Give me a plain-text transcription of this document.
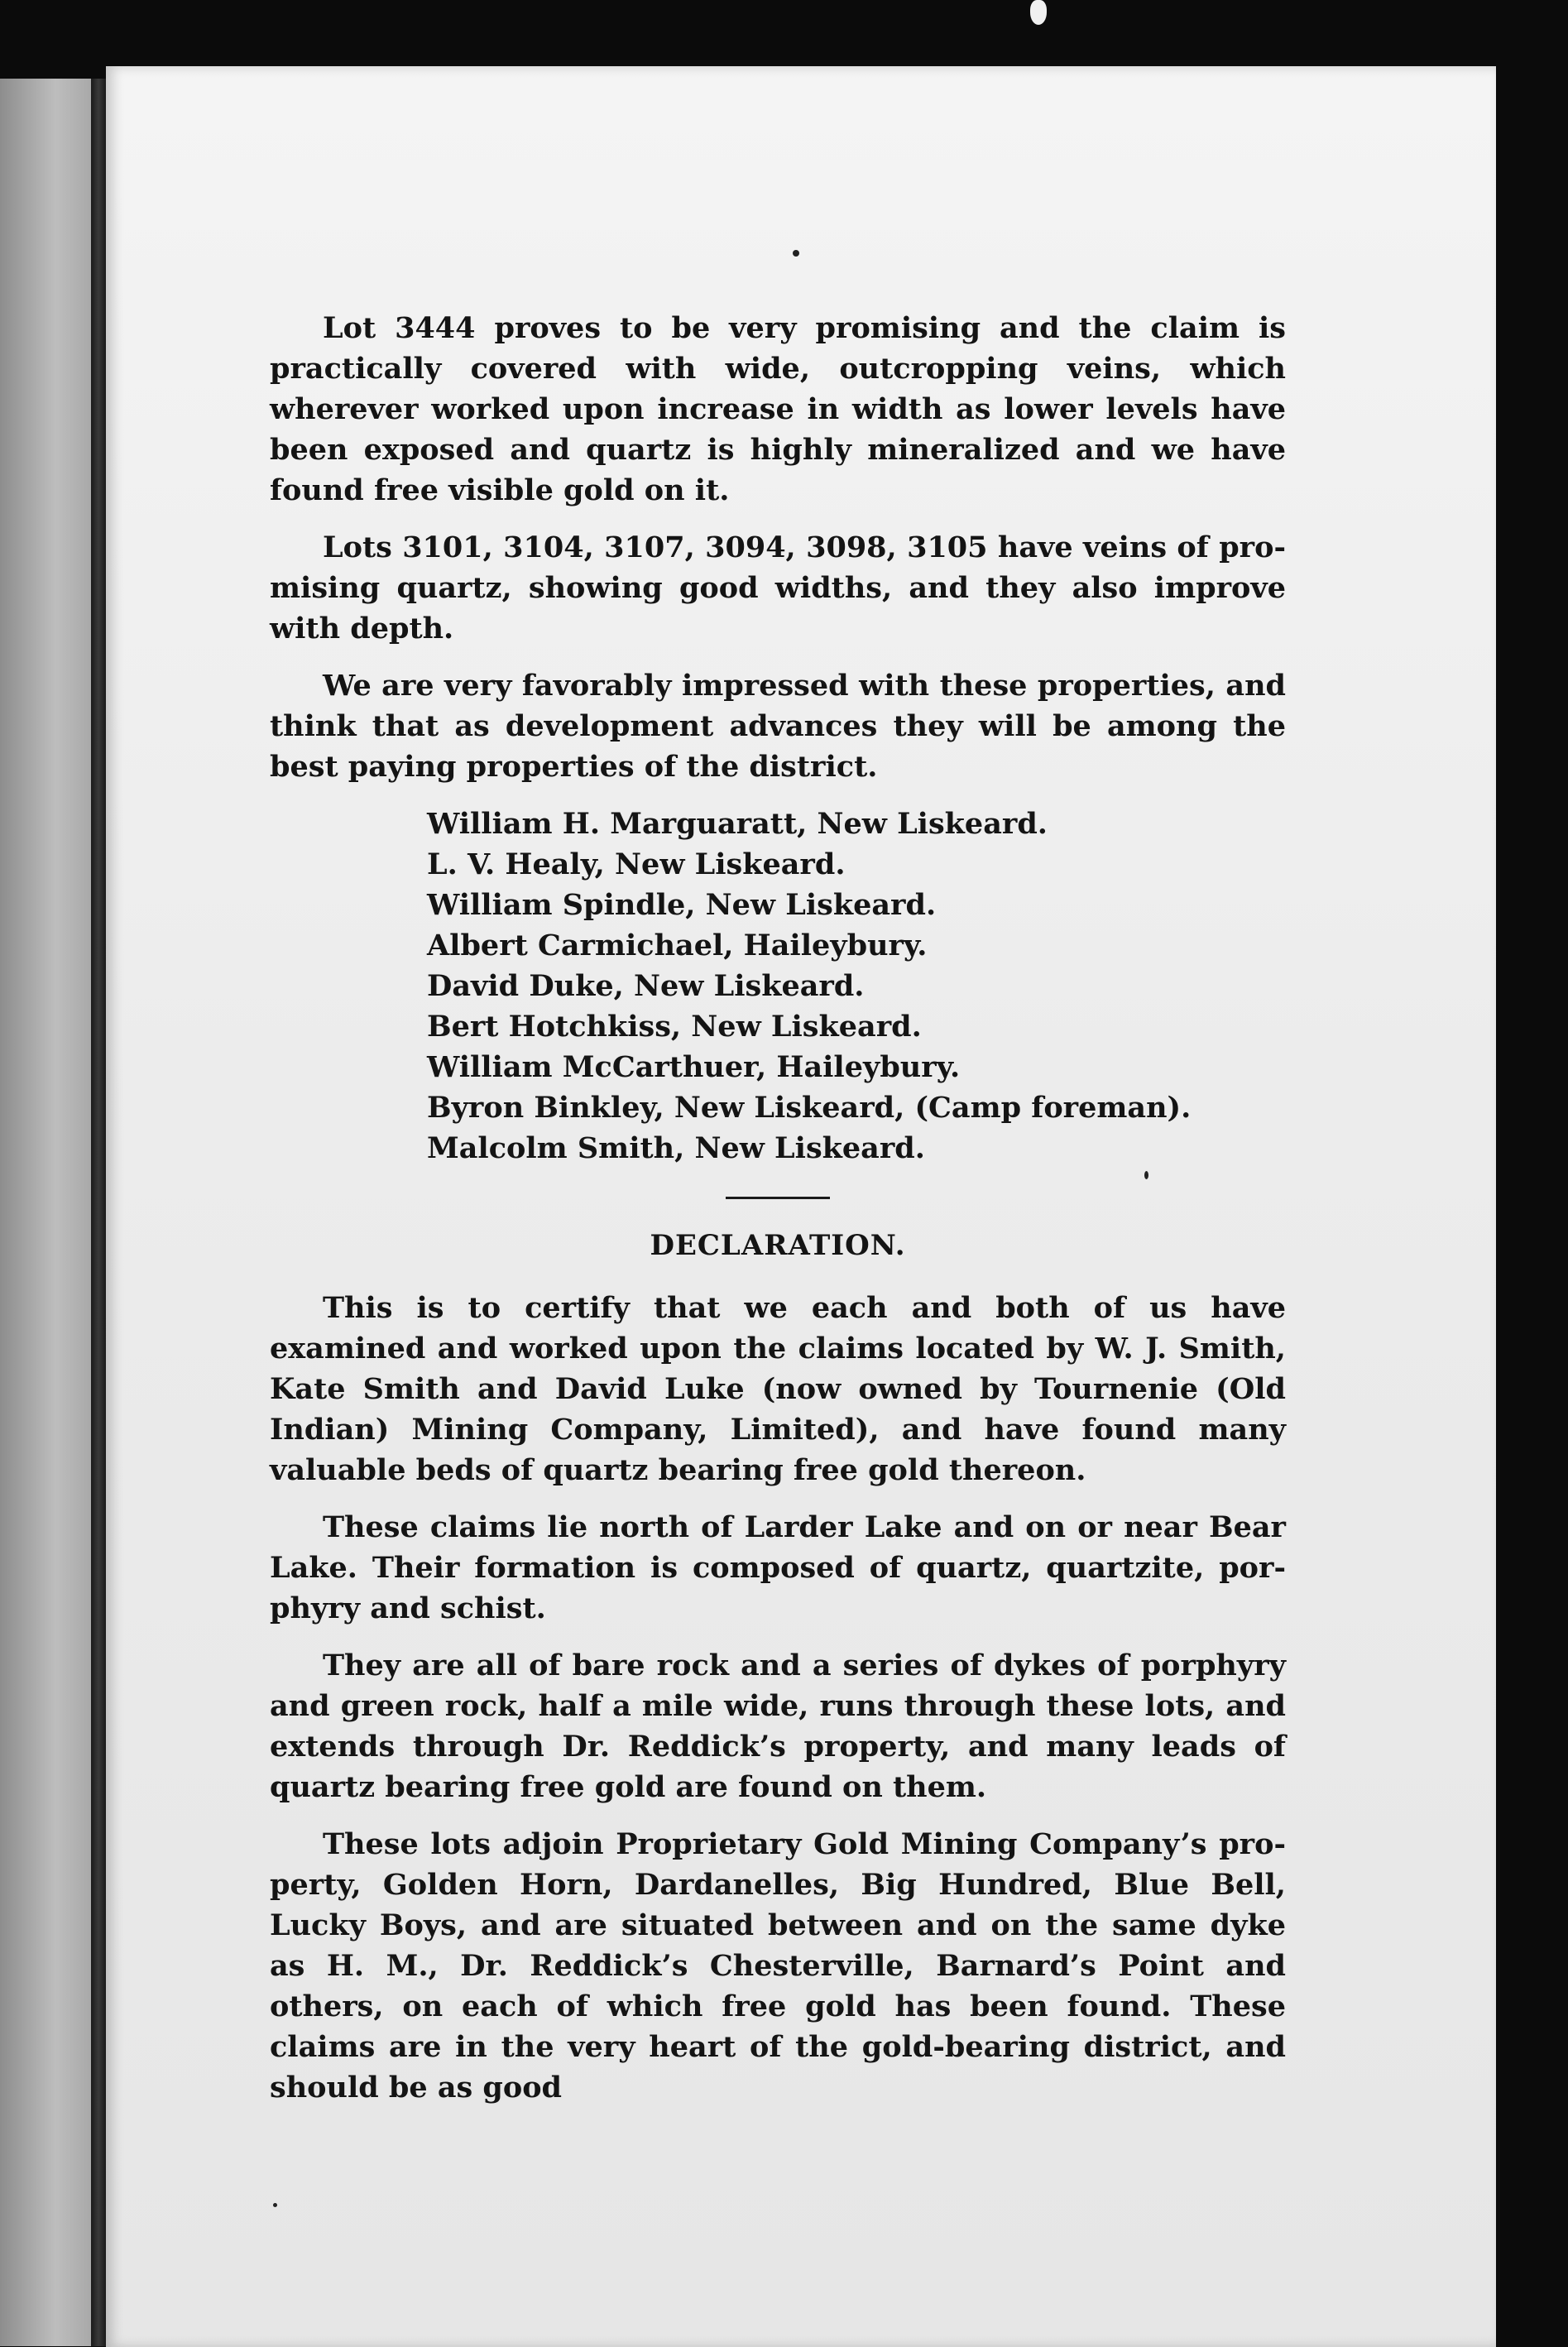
Lot 3444 proves to be very promising and the claim is practically covered with wide, outcropping veins, which wherever worked upon increase in width as lower levels have been exposed and quartz is highly mineralized and we have found free visible gold on it.

Lots 3101, 3104, 3107, 3094, 3098, 3105 have veins of promising quartz, showing good widths, and they also improve with depth.

We are very favorably impressed with these properties, and think that as development advances they will be among the best paying properties of the district.

William H. Marguaratt, New Liskeard.
L. V. Healy, New Liskeard.
William Spindle, New Liskeard.
Albert Carmichael, Haileybury.
David Duke, New Liskeard.
Bert Hotchkiss, New Liskeard.
William McCarthuer, Haileybury.
Byron Binkley, New Liskeard, (Camp foreman).
Malcolm Smith, New Liskeard.
DECLARATION.

This is to certify that we each and both of us have examined and worked upon the claims located by W. J. Smith, Kate Smith and David Luke (now owned by Tournenie (Old Indian) Mining Company, Limited), and have found many valuable beds of quartz bearing free gold thereon.

These claims lie north of Larder Lake and on or near Bear Lake. Their formation is composed of quartz, quartzite, porphyry and schist.

They are all of bare rock and a series of dykes of porphyry and green rock, half a mile wide, runs through these lots, and extends through Dr. Reddick’s property, and many leads of quartz bearing free gold are found on them.

These lots adjoin Proprietary Gold Mining Company’s property, Golden Horn, Dardanelles, Big Hundred, Blue Bell, Lucky Boys, and are situated between and on the same dyke as H. M., Dr. Reddick’s Chesterville, Barnard’s Point and others, on each of which free gold has been found. These claims are in the very heart of the gold-bearing district, and should be as good
